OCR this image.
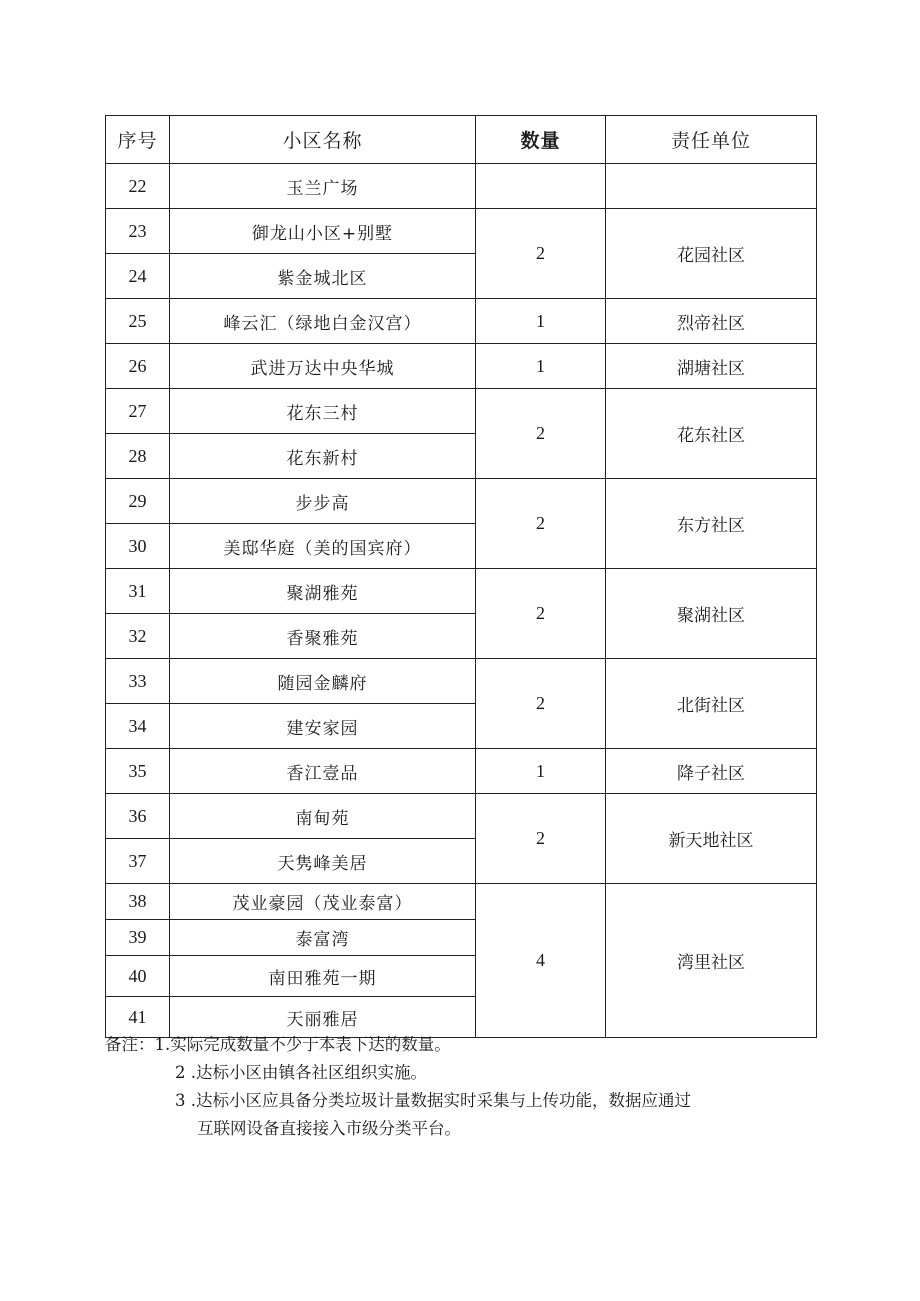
序号	小区名称	数量	责任单位
22	玉兰广场		
23	御龙山小区+别墅	2	花园社区
24	紫金城北区		
25	峰云汇（绿地白金汉宫）	1	烈帝社区
26	武进万达中央华城	1	湖塘社区
27	花东三村	2	花东社区
28	花东新村		
29	步步高	2	东方社区
30	美邸华庭（美的国宾府）		
31	聚湖雅苑	2	聚湖社区
32	香聚雅苑		
33	随园金麟府	2	北街社区
34	建安家园		
35	香江壹品	1	降子社区
36	南甸苑	2	新天地社区
37	天隽峰美居		
38	茂业豪园（茂业泰富）	4	湾里社区
39	泰富湾		
40	南田雅苑一期		
41	天丽雅居		
备注：1.实际完成数量不少于本表下达的数量。
2 .达标小区由镇各社区组织实施。
3 .达标小区应具备分类垃圾计量数据实时采集与上传功能，数据应通过
互联网设备直接接入市级分类平台。
